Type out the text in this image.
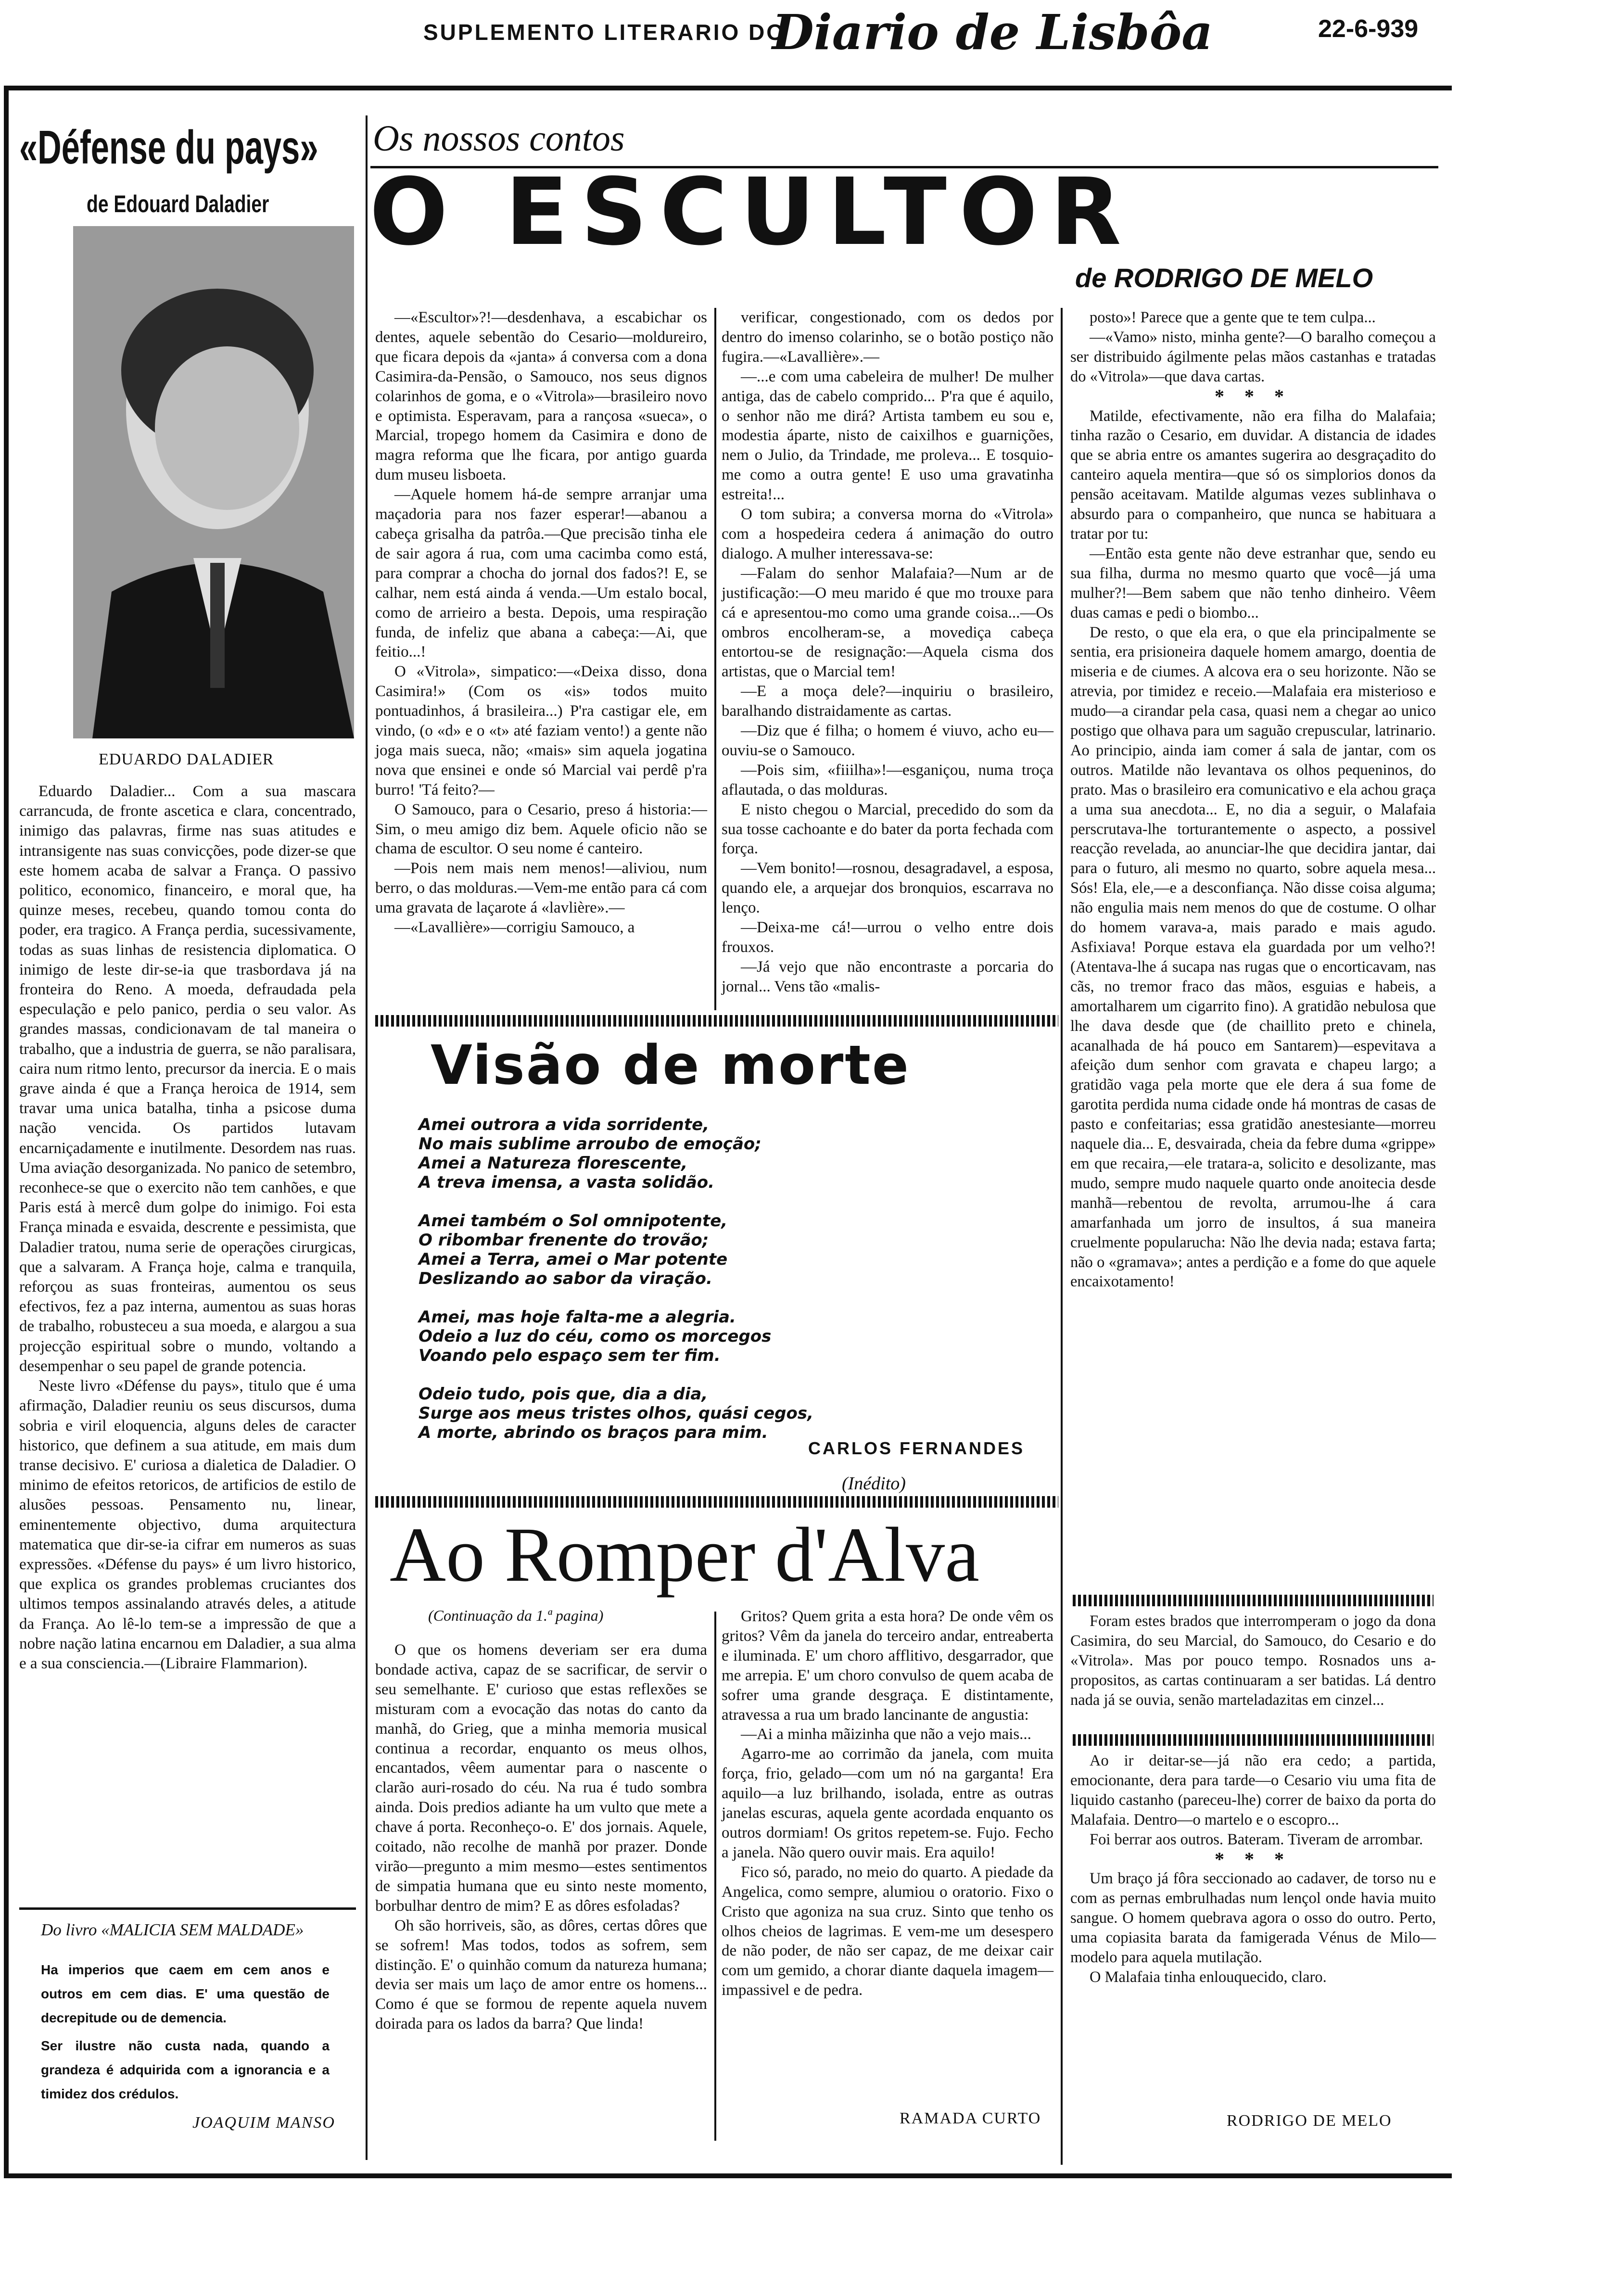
SUPLEMENTO LITERARIO DO
Diario de Lisbôa	22-6-939
«Défense du pays»
de Edouard Daladier
EDUARDO DALADIER

Eduardo Daladier... Com a sua mascara carrancuda, de fronte ascetica e clara, concentrado, inimigo das palavras, firme nas suas atitudes e intransigente nas suas convicções, pode dizer-se que este homem acaba de salvar a França. O passivo politico, economico, financeiro, e moral que, ha quinze meses, recebeu, quando tomou conta do poder, era tragico. A França perdia, sucessivamente, todas as suas linhas de resistencia diplomatica. O inimigo de leste dir-se-ia que trasbordava já na fronteira do Reno. A moeda, defraudada pela especulação e pelo panico, perdia o seu valor. As grandes massas, condicionavam de tal maneira o trabalho, que a industria de guerra, se não paralisara, caira num ritmo lento, precursor da inercia. E o mais grave ainda é que a França heroica de 1914, sem travar uma unica batalha, tinha a psicose duma nação vencida. Os partidos lutavam encarniçadamente e inutilmente. Desordem nas ruas. Uma aviação desorganizada. No panico de setembro, reconhece-se que o exercito não tem canhões, e que Paris está à mercê dum golpe do inimigo. Foi esta França minada e esvaida, descrente e pessimista, que Daladier tratou, numa serie de operações cirurgicas, que a salvaram. A França hoje, calma e tranquila, reforçou as suas fronteiras, aumentou os seus efectivos, fez a paz interna, aumentou as suas horas de trabalho, robusteceu a sua moeda, e alargou a sua projecção espiritual sobre o mundo, voltando a desempenhar o seu papel de grande potencia.

Neste livro «Défense du pays», titulo que é uma afirmação, Daladier reuniu os seus discursos, duma sobria e viril eloquencia, alguns deles de caracter historico, que definem a sua atitude, em mais dum transe decisivo. E' curiosa a dialetica de Daladier. O minimo de efeitos retoricos, de artificios de estilo de alusões pessoas. Pensamento nu, linear, eminentemente objectivo, duma arquitectura matematica que dir-se-ia cifrar em numeros as suas expressões. «Défense du pays» é um livro historico, que explica os grandes problemas cruciantes dos ultimos tempos assinalando através deles, a atitude da França. Ao lê-lo tem-se a impressão de que a nobre nação latina encarnou em Daladier, a sua alma e a sua consciencia.—(Libraire Flammarion).

Do livro «MALICIA SEM MALDADE»
Ha imperios que caem em cem anos e outros em cem dias. E' uma questão de decrepitude ou de demencia.
Ser ilustre não custa nada, quando a grandeza é adquirida com a ignorancia e a timidez dos crédulos.
JOAQUIM MANSO
Os nossos contos
O ESCULTOR
de RODRIGO DE MELO

—«Escultor»?!—desdenhava, a escabichar os dentes, aquele sebentão do Cesario—moldureiro, que ficara depois da «janta» á conversa com a dona Casimira-da-Pensão, o Samouco, nos seus dignos colarinhos de goma, e o «Vitrola»—brasileiro novo e optimista. Esperavam, para a rançosa «sueca», o Marcial, tropego homem da Casimira e dono de magra reforma que lhe ficara, por antigo guarda dum museu lisboeta.

—Aquele homem há-de sempre arranjar uma maçadoria para nos fazer esperar!—abanou a cabeça grisalha da patrôa.—Que precisão tinha ele de sair agora á rua, com uma cacimba como está, para comprar a chocha do jornal dos fados?! E, se calhar, nem está ainda á venda.—Um estalo bocal, como de arrieiro a besta. Depois, uma respiração funda, de infeliz que abana a cabeça:—Ai, que feitio...!

O «Vitrola», simpatico:—«Deixa disso, dona Casimira!» (Com os «is» todos muito pontuadinhos, á brasileira...) P'ra castigar ele, em vindo, (o «d» e o «t» até faziam vento!) a gente não joga mais sueca, não; «mais» sim aquela jogatina nova que ensinei e onde só Marcial vai perdê p'ra burro! 'Tá feito?—

O Samouco, para o Cesario, preso á historia:—Sim, o meu amigo diz bem. Aquele oficio não se chama de escultor. O seu nome é canteiro.

—Pois nem mais nem menos!—aliviou, num berro, o das molduras.—Vem-me então para cá com uma gravata de laçarote á «lavlière».—

—«Lavallière»—corrigiu Samouco, a

verificar, congestionado, com os dedos por dentro do imenso colarinho, se o botão postiço não fugira.—«Lavallière».—

—...e com uma cabeleira de mulher! De mulher antiga, das de cabelo comprido... P'ra que é aquilo, o senhor não me dirá? Artista tambem eu sou e, modestia áparte, nisto de caixilhos e guarnições, nem o Julio, da Trindade, me proleva... E tosquio-me como a outra gente! E uso uma gravatinha estreita!...

O tom subira; a conversa morna do «Vitrola» com a hospedeira cedera á animação do outro dialogo. A mulher interessava-se:

—Falam do senhor Malafaia?—Num ar de justificação:—O meu marido é que mo trouxe para cá e apresentou-mo como uma grande coisa...—Os ombros encolheram-se, a movediça cabeça entortou-se de resignação:—Aquela cisma dos artistas, que o Marcial tem!

—E a moça dele?—inquiriu o brasileiro, baralhando distraidamente as cartas.

—Diz que é filha; o homem é viuvo, acho eu—ouviu-se o Samouco.

—Pois sim, «fiiilha»!—esganiçou, numa troça aflautada, o das molduras.

E nisto chegou o Marcial, precedido do som da sua tosse cachoante e do bater da porta fechada com força.

—Vem bonito!—rosnou, desagradavel, a esposa, quando ele, a arquejar dos bronquios, escarrava no lenço.

—Deixa-me cá!—urrou o velho entre dois frouxos.

—Já vejo que não encontraste a porcaria do jornal... Vens tão «malis-

posto»! Parece que a gente que te tem culpa...

—«Vamo» nisto, minha gente?—O baralho começou a ser distribuido ágilmente pelas mãos castanhas e tratadas do «Vitrola»—que dava cartas.

* * *

Matilde, efectivamente, não era filha do Malafaia; tinha razão o Cesario, em duvidar. A distancia de idades que se abria entre os amantes sugerira ao desgraçadito do canteiro aquela mentira—que só os simplorios donos da pensão aceitavam. Matilde algumas vezes sublinhava o absurdo para o companheiro, que nunca se habituara a tratar por tu:

—Então esta gente não deve estranhar que, sendo eu sua filha, durma no mesmo quarto que você—já uma mulher?!—Bem sabem que não tenho dinheiro. Vêem duas camas e pedi o biombo...

De resto, o que ela era, o que ela principalmente se sentia, era prisioneira daquele homem amargo, doentia de miseria e de ciumes. A alcova era o seu horizonte. Não se atrevia, por timidez e receio.—Malafaia era misterioso e mudo—a cirandar pela casa, quasi nem a chegar ao unico postigo que olhava para um saguão crepuscular, latrinario. Ao principio, ainda iam comer á sala de jantar, com os outros. Matilde não levantava os olhos pequeninos, do prato. Mas o brasileiro era comunicativo e ela achou graça a uma sua anecdota... E, no dia a seguir, o Malafaia perscrutava-lhe torturantemente o aspecto, a possivel reacção revelada, ao anunciar-lhe que decidira jantar, dai para o futuro, ali mesmo no quarto, sobre aquela mesa... Sós! Ela, ele,—e a desconfiança. Não disse coisa alguma; não engulia mais nem menos do que de costume. O olhar do homem varava-a, mais parado e mais agudo. Asfixiava! Porque estava ela guardada por um velho?! (Atentava-lhe á sucapa nas rugas que o encorticavam, nas cãs, no tremor fraco das mãos, esguias e habeis, a amortalharem um cigarrito fino). A gratidão nebulosa que lhe dava desde que (de chaillito preto e chinela, acanalhada de há pouco em Santarem)—espevitava a afeição dum senhor com gravata e chapeu largo; a gratidão vaga pela morte que ele dera á sua fome de garotita perdida numa cidade onde há montras de casas de pasto e confeitarias; essa gratidão anestesiante—morreu naquele dia... E, desvairada, cheia da febre duma «grippe» em que recaira,—ele tratara-a, solicito e desolizante, mas mudo, sempre mudo naquele quarto onde anoitecia desde manhã—rebentou de revolta, arrumou-lhe á cara amarfanhada um jorro de insultos, á sua maneira cruelmente popularucha: Não lhe devia nada; estava farta; não o «gramava»; antes a perdição e a fome do que aquele encaixotamento!

Foram estes brados que interromperam o jogo da dona Casimira, do seu Marcial, do Samouco, do Cesario e do «Vitrola». Mas por pouco tempo. Rosnados uns a-propositos, as cartas continuaram a ser batidas. Lá dentro nada já se ouvia, senão marteladazitas em cinzel...

Ao ir deitar-se—já não era cedo; a partida, emocionante, dera para tarde—o Cesario viu uma fita de liquido castanho (pareceu-lhe) correr de baixo da porta do Malafaia. Dentro—o martelo e o escopro...

Foi berrar aos outros. Bateram. Tiveram de arrombar.

* * *

Um braço já fôra seccionado ao cadaver, de torso nu e com as pernas embrulhadas num lençol onde havia muito sangue. O homem quebrava agora o osso do outro. Perto, uma copiasita barata da famigerada Vénus de Milo—modelo para aquela mutilação.

O Malafaia tinha enlouquecido, claro.

RODRIGO DE MELO
Visão de morte
Amei outrora a vida sorridente,
No mais sublime arroubo de emoção;
Amei a Natureza florescente,
A treva imensa, a vasta solidão.
Amei também o Sol omnipotente,
O ribombar frenente do trovão;
Amei a Terra, amei o Mar potente
Deslizando ao sabor da viração.
Amei, mas hoje falta-me a alegria.
Odeio a luz do céu, como os morcegos
Voando pelo espaço sem ter fim.
Odeio tudo, pois que, dia a dia,
Surge aos meus tristes olhos, quási cegos,
A morte, abrindo os braços para mim.
CARLOS FERNANDES
(Inédito)
Ao Romper d'Alva
(Continuação da 1.ª pagina)

O que os homens deveriam ser era duma bondade activa, capaz de se sacrificar, de servir o seu semelhante. E' curioso que estas reflexões se misturam com a evocação das notas do canto da manhã, do Grieg, que a minha memoria musical continua a recordar, enquanto os meus olhos, encantados, vêem aumentar para o nascente o clarão auri-rosado do céu. Na rua é tudo sombra ainda. Dois predios adiante ha um vulto que mete a chave á porta. Reconheço-o. E' dos jornais. Aquele, coitado, não recolhe de manhã por prazer. Donde virão—pregunto a mim mesmo—estes sentimentos de simpatia humana que eu sinto neste momento, borbulhar dentro de mim? E as dôres esfoladas?

Oh são horriveis, são, as dôres, certas dôres que se sofrem! Mas todos, todos as sofrem, sem distinção. E' o quinhão comum da natureza humana; devia ser mais um laço de amor entre os homens... Como é que se formou de repente aquela nuvem doirada para os lados da barra? Que linda!

Gritos? Quem grita a esta hora? De onde vêm os gritos? Vêm da janela do terceiro andar, entreaberta e iluminada. E' um choro afflitivo, desgarrador, que me arrepia. E' um choro convulso de quem acaba de sofrer uma grande desgraça. E distintamente, atravessa a rua um brado lancinante de angustia:

—Ai a minha mãizinha que não a vejo mais...

Agarro-me ao corrimão da janela, com muita força, frio, gelado—com um nó na garganta! Era aquilo—a luz brilhando, isolada, entre as outras janelas escuras, aquela gente acordada enquanto os outros dormiam! Os gritos repetem-se. Fujo. Fecho a janela. Não quero ouvir mais. Era aquilo!

Fico só, parado, no meio do quarto. A piedade da Angelica, como sempre, alumiou o oratorio. Fixo o Cristo que agoniza na sua cruz. Sinto que tenho os olhos cheios de lagrimas. E vem-me um desespero de não poder, de não ser capaz, de me deixar cair com um gemido, a chorar diante daquela imagem—impassivel e de pedra.

RAMADA CURTO
